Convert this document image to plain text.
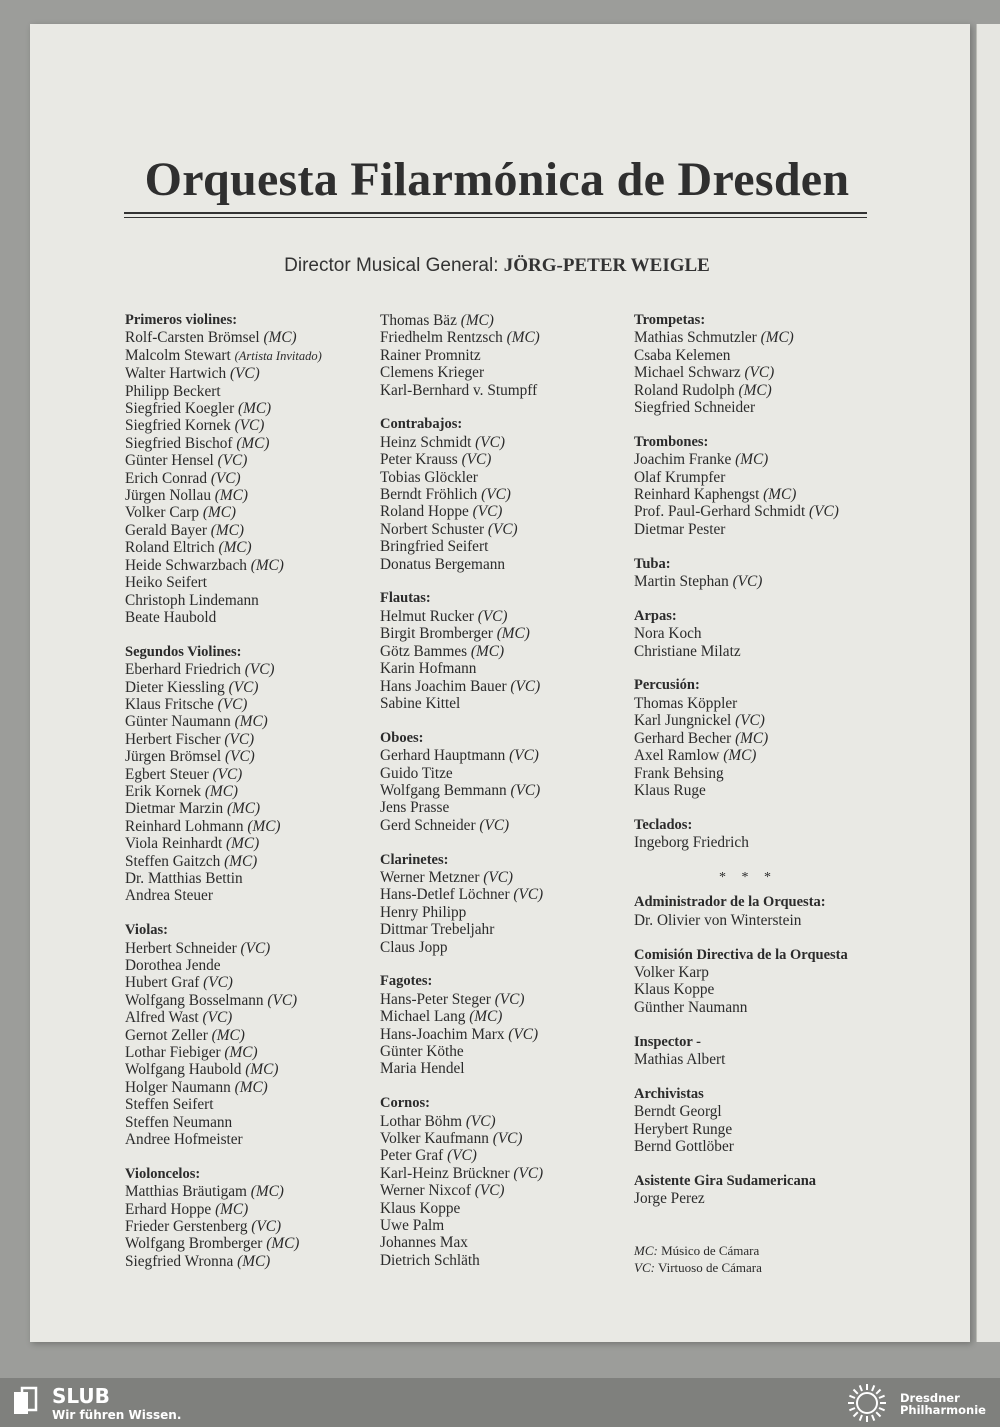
Orquesta Filarmónica de Dresden
Director Musical General: JÖRG-PETER WEIGLE
Primeros violines:
Rolf-Carsten Brömsel (MC)
Malcolm Stewart (Artista Invitado)
Walter Hartwich (VC)
Philipp Beckert
Siegfried Koegler (MC)
Siegfried Kornek (VC)
Siegfried Bischof (MC)
Günter Hensel (VC)
Erich Conrad (VC)
Jürgen Nollau (MC)
Volker Carp (MC)
Gerald Bayer (MC)
Roland Eltrich (MC)
Heide Schwarzbach (MC)
Heiko Seifert
Christoph Lindemann
Beate Haubold
Segundos Violines:
Eberhard Friedrich (VC)
Dieter Kiessling (VC)
Klaus Fritsche (VC)
Günter Naumann (MC)
Herbert Fischer (VC)
Jürgen Brömsel (VC)
Egbert Steuer (VC)
Erik Kornek (MC)
Dietmar Marzin (MC)
Reinhard Lohmann (MC)
Viola Reinhardt (MC)
Steffen Gaitzch (MC)
Dr. Matthias Bettin
Andrea Steuer
Violas:
Herbert Schneider (VC)
Dorothea Jende
Hubert Graf (VC)
Wolfgang Bosselmann (VC)
Alfred Wast (VC)
Gernot Zeller (MC)
Lothar Fiebiger (MC)
Wolfgang Haubold (MC)
Holger Naumann (MC)
Steffen Seifert
Steffen Neumann
Andree Hofmeister
Violoncelos:
Matthias Bräutigam (MC)
Erhard Hoppe (MC)
Frieder Gerstenberg (VC)
Wolfgang Bromberger (MC)
Siegfried Wronna (MC)
Thomas Bäz (MC)
Friedhelm Rentzsch (MC)
Rainer Promnitz
Clemens Krieger
Karl-Bernhard v. Stumpff
Contrabajos:
Heinz Schmidt (VC)
Peter Krauss (VC)
Tobias Glöckler
Berndt Fröhlich (VC)
Roland Hoppe (VC)
Norbert Schuster (VC)
Bringfried Seifert
Donatus Bergemann
Flautas:
Helmut Rucker (VC)
Birgit Bromberger (MC)
Götz Bammes (MC)
Karin Hofmann
Hans Joachim Bauer (VC)
Sabine Kittel
Oboes:
Gerhard Hauptmann (VC)
Guido Titze
Wolfgang Bemmann (VC)
Jens Prasse
Gerd Schneider (VC)
Clarinetes:
Werner Metzner (VC)
Hans-Detlef Löchner (VC)
Henry Philipp
Dittmar Trebeljahr
Claus Jopp
Fagotes:
Hans-Peter Steger (VC)
Michael Lang (MC)
Hans-Joachim Marx (VC)
Günter Köthe
Maria Hendel
Cornos:
Lothar Böhm (VC)
Volker Kaufmann (VC)
Peter Graf (VC)
Karl-Heinz Brückner (VC)
Werner Nixcof (VC)
Klaus Koppe
Uwe Palm
Johannes Max
Dietrich Schläth
Trompetas:
Mathias Schmutzler (MC)
Csaba Kelemen
Michael Schwarz (VC)
Roland Rudolph (MC)
Siegfried Schneider
Trombones:
Joachim Franke (MC)
Olaf Krumpfer
Reinhard Kaphengst (MC)
Prof. Paul-Gerhard Schmidt (VC)
Dietmar Pester
Tuba:
Martin Stephan (VC)
Arpas:
Nora Koch
Christiane Milatz
Percusión:
Thomas Köppler
Karl Jungnickel (VC)
Gerhard Becher (MC)
Axel Ramlow (MC)
Frank Behsing
Klaus Ruge
Teclados:
Ingeborg Friedrich
* * *
Administrador de la Orquesta:
Dr. Olivier von Winterstein
Comisión Directiva de la Orquesta
Volker Karp
Klaus Koppe
Günther Naumann
Inspector -
Mathias Albert
Archivistas
Berndt Georgl
Herybert Runge
Bernd Gottlöber
Asistente Gira Sudamericana
Jorge Perez
MC: Músico de Cámara
VC: Virtuoso de Cámara
SLUB
Wir führen Wissen.
Dresdner
Philharmonie
